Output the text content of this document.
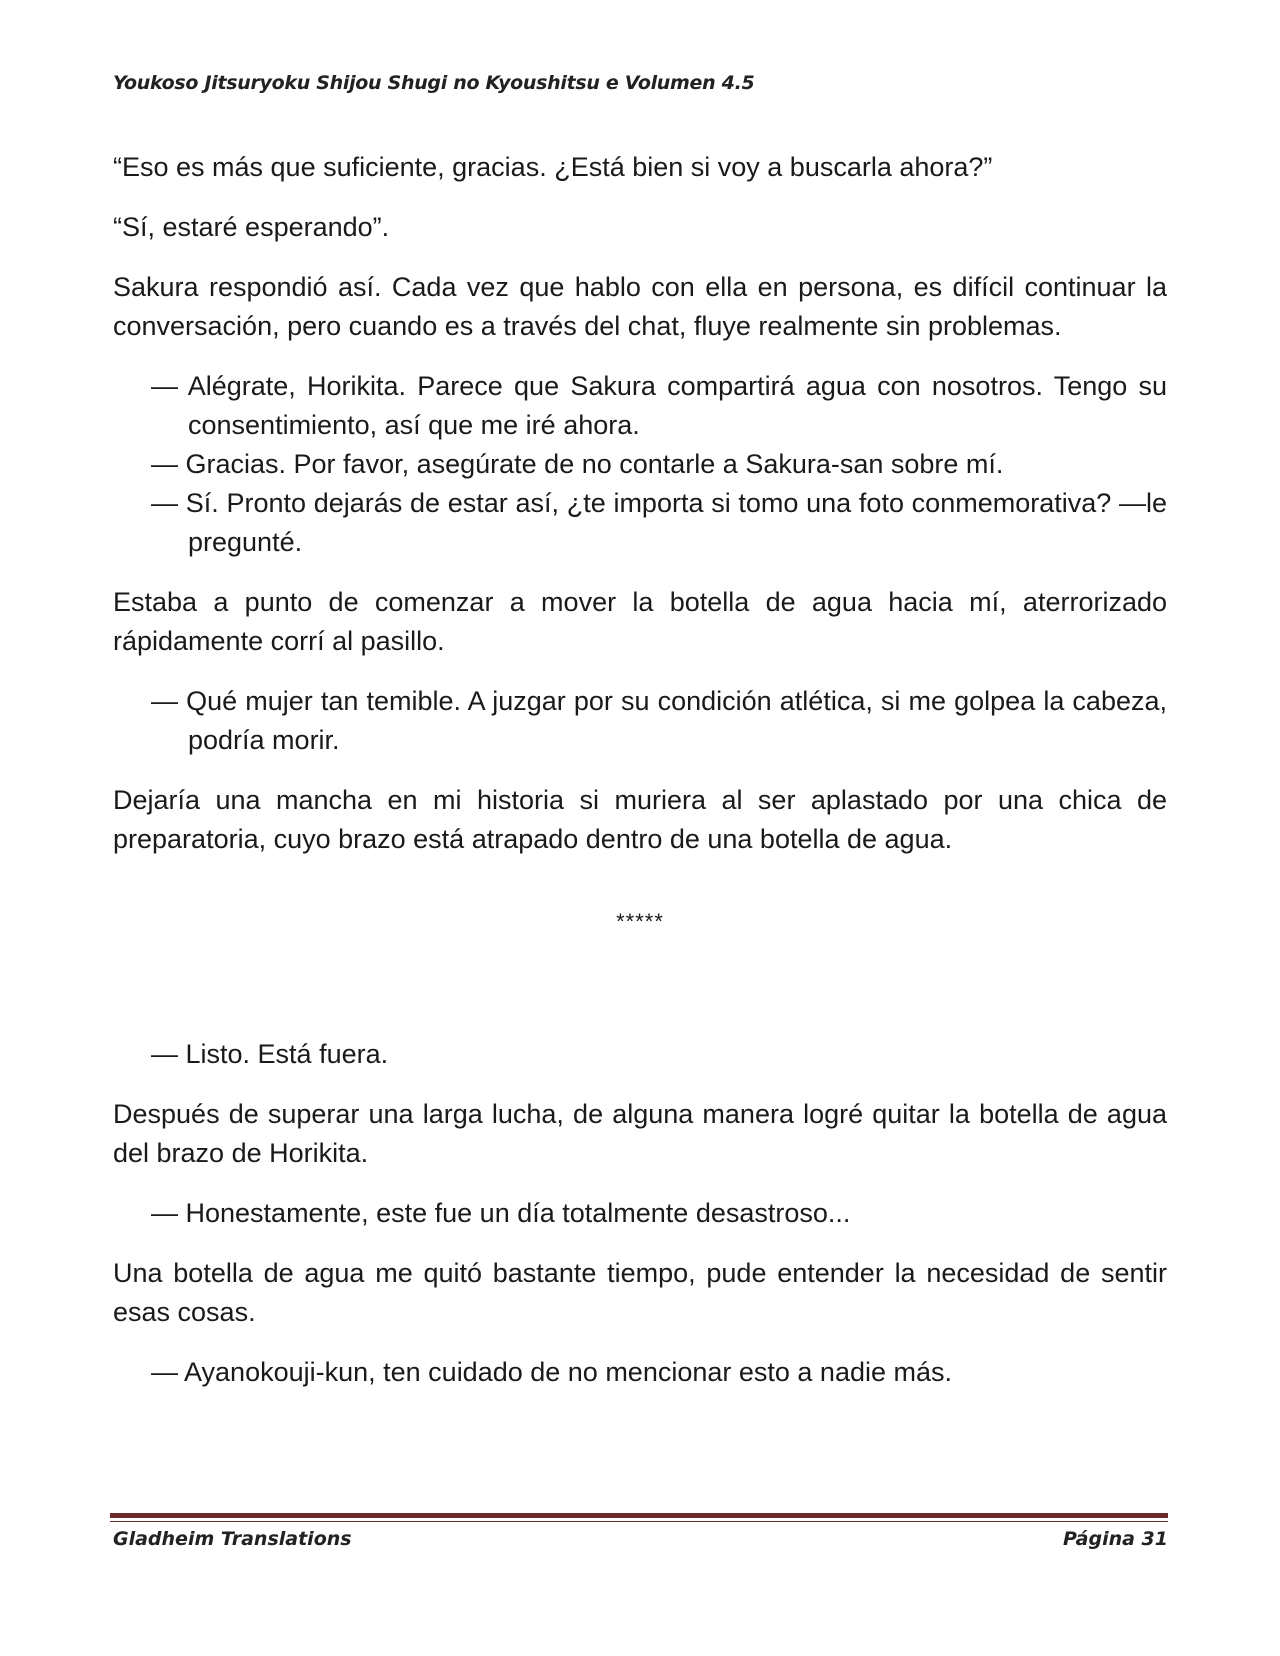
Youkoso Jitsuryoku Shijou Shugi no Kyoushitsu e Volumen 4.5

“Eso es más que suficiente, gracias. ¿Está bien si voy a buscarla ahora?”

“Sí, estaré esperando”.

Sakura respondió así. Cada vez que hablo con ella en persona, es difícil continuar la conversación, pero cuando es a través del chat, fluye realmente sin problemas.

— Alégrate, Horikita. Parece que Sakura compartirá agua con nosotros. Tengo su consentimiento, así que me iré ahora.

— Gracias. Por favor, asegúrate de no contarle a Sakura-san sobre mí.

— Sí. Pronto dejarás de estar así, ¿te importa si tomo una foto conmemorativa? —le pregunté.

Estaba a punto de comenzar a mover la botella de agua hacia mí, aterrorizado rápidamente corrí al pasillo.

— Qué mujer tan temible. A juzgar por su condición atlética, si me golpea la cabeza, podría morir.

Dejaría una mancha en mi historia si muriera al ser aplastado por una chica de preparatoria, cuyo brazo está atrapado dentro de una botella de agua.

*****

— Listo. Está fuera.

Después de superar una larga lucha, de alguna manera logré quitar la botella de agua del brazo de Horikita.

— Honestamente, este fue un día totalmente desastroso...

Una botella de agua me quitó bastante tiempo, pude entender la necesidad de sentir esas cosas.

— Ayanokouji-kun, ten cuidado de no mencionar esto a nadie más.

Gladheim Translations	Página 31
